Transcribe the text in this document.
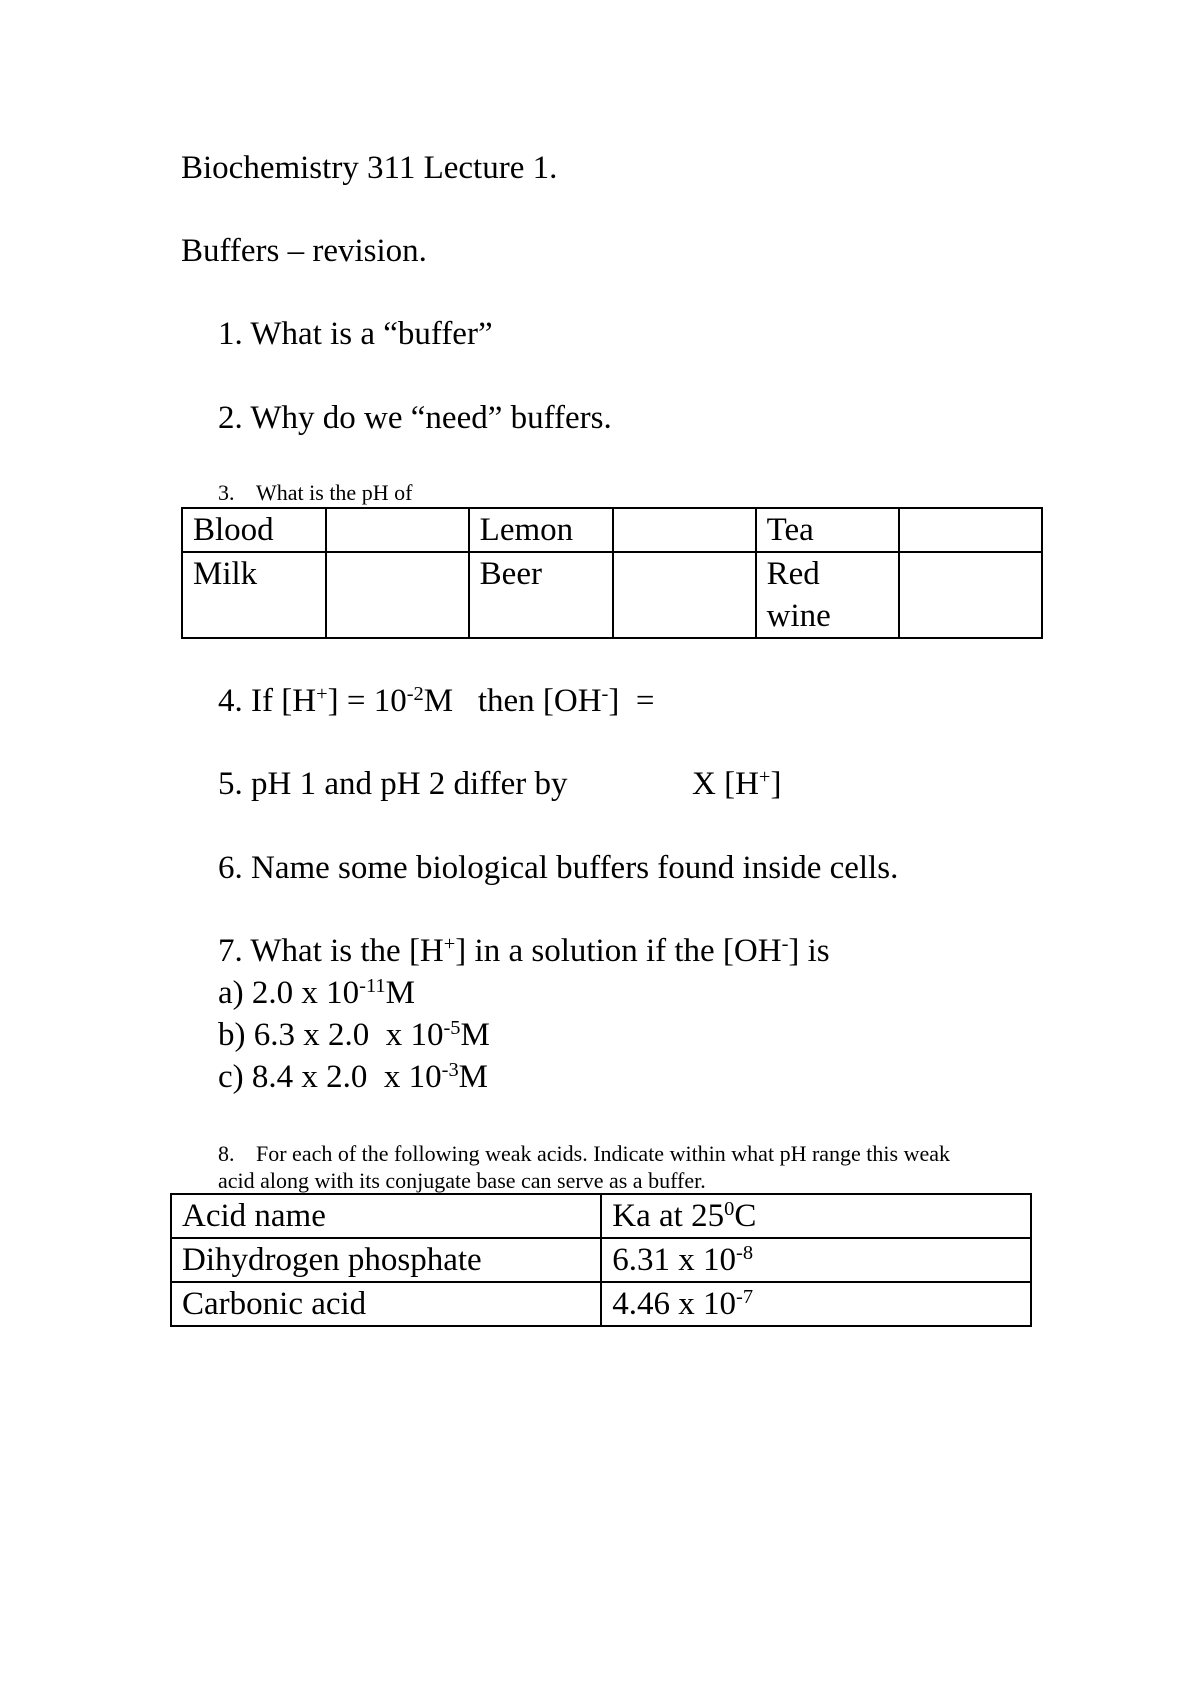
Biochemistry 311 Lecture 1.
Buffers – revision.
1. What is a “buffer”
2. Why do we “need” buffers.
3. What is the pH of
Blood		Lemon		Tea	
Milk		Beer		Red wine	
4. If $[H^+] = 10^{-2}M$   then [OH-]  =
5. pH 1 and pH 2 differ by	X [H+]
6. Name some biological buffers found inside cells.
7. What is the [H+] in a solution if the [OH-] is
a) 2.0 x $10^{-11}M$
b) 6.3 x 2.0  x $10^{-5}M$
c) 8.4 x 2.0  x $10^{-3}M$
8. For each of the following weak acids. Indicate within what pH range this weak
acid along with its conjugate base can serve as a buffer.
Acid name	Ka at $25^0C$
Dihydrogen phosphate	6.31 x $10^{-8}$
Carbonic acid	4.46 x $10^{-7}$
